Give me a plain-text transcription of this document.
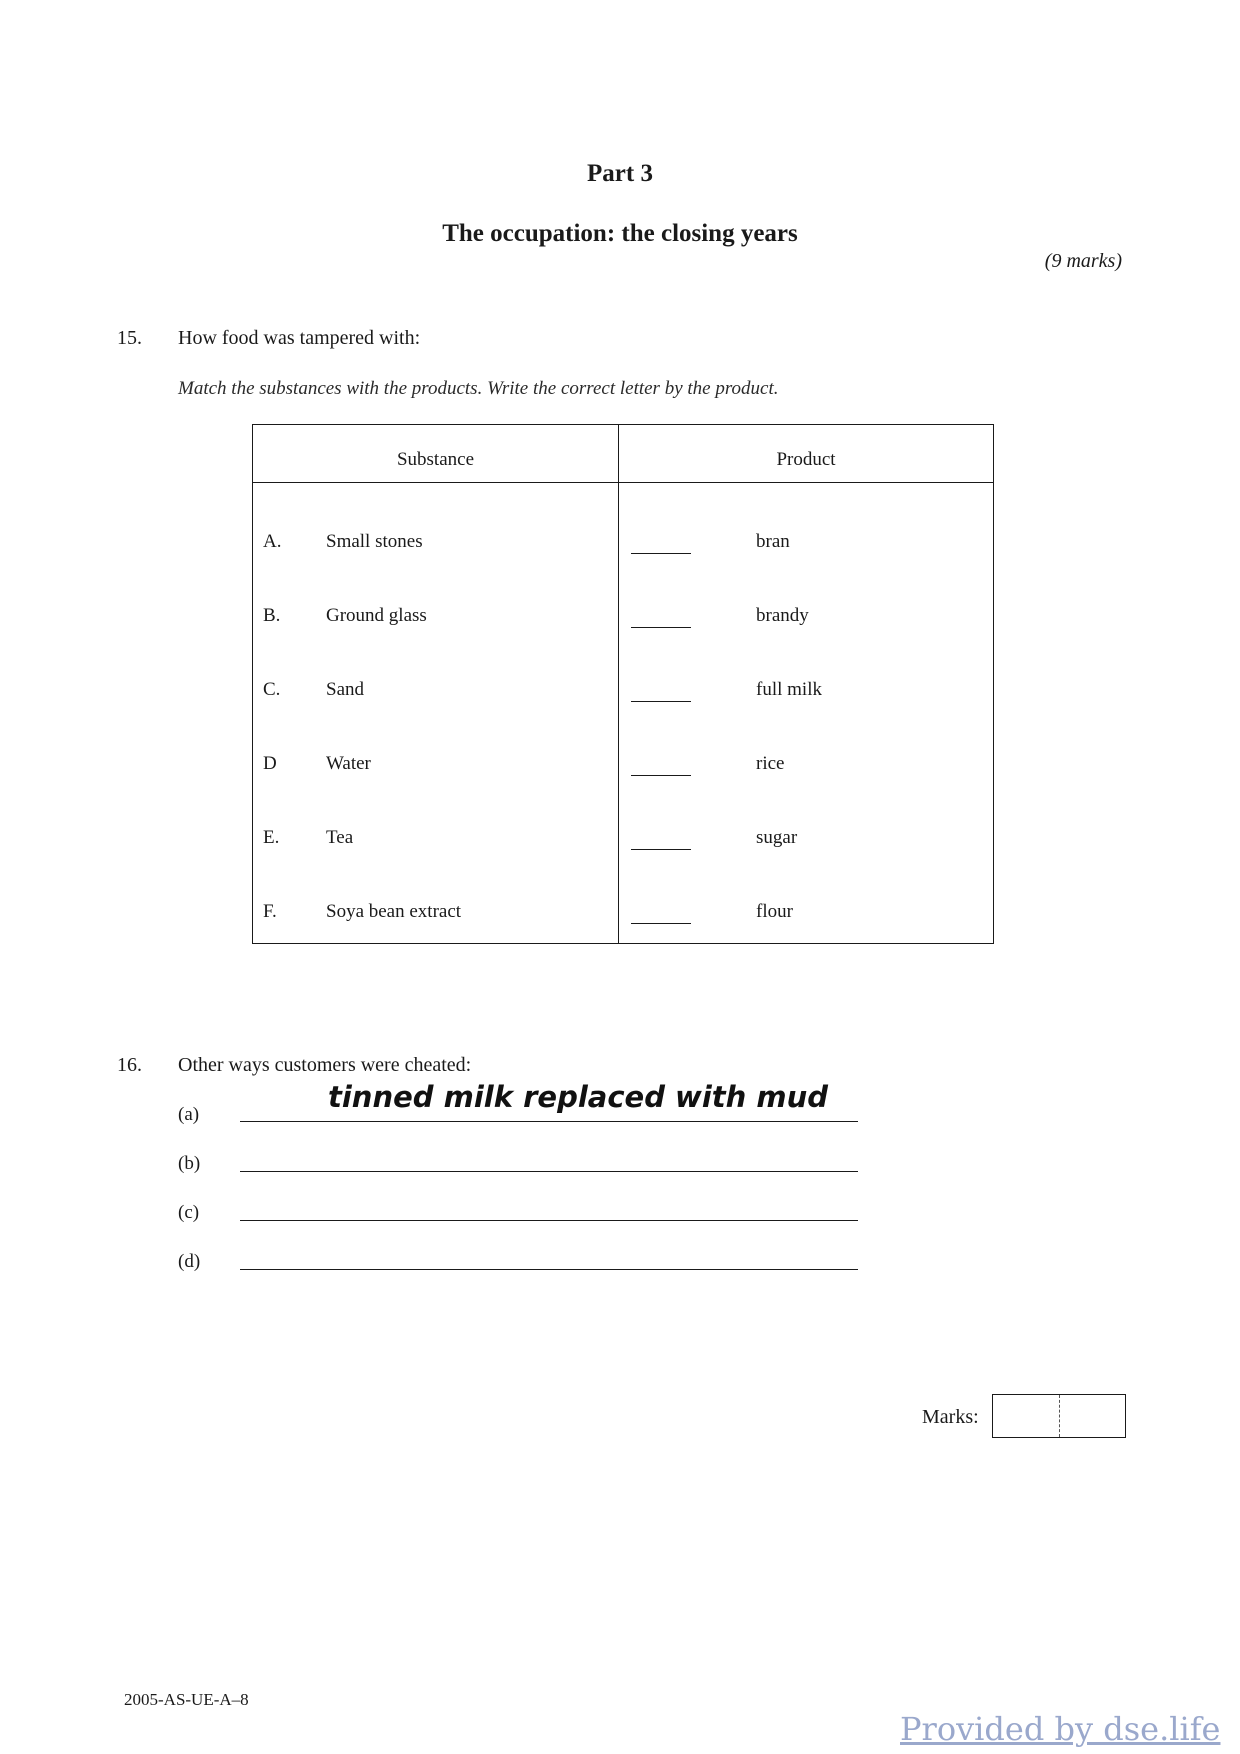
Part 3
The occupation: the closing years
(9 marks)
15. How food was tampered with:
Match the substances with the products. Write the correct letter by the product.
Substance	Product
A. Small stones	bran
B. Ground glass	brandy
C. Sand	full milk
D	Water	rice
E. Tea	sugar
F.	Soya bean extract	flour
16. Other ways customers were cheated:
(a)
tinned milk replaced with mud
(b)
(c)
(d)
Marks:
2005-AS-UE-A–8
Provided by dse.life
